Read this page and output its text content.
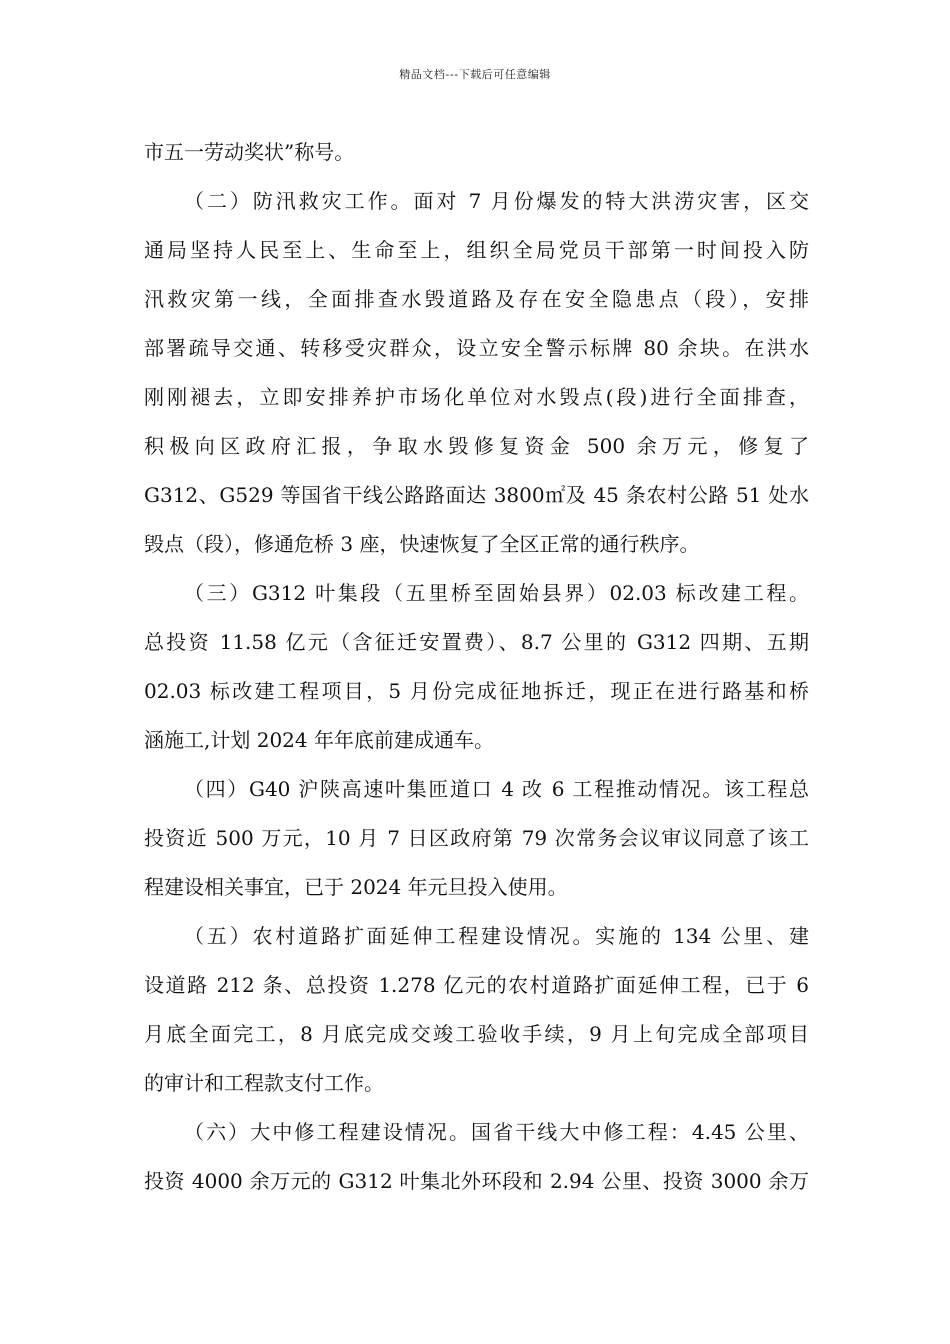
精品文档---下载后可任意编辑
市五一劳动奖状”称号。
（二）防汛救灾工作。面对 7 月份爆发的特大洪涝灾害，区交
通局坚持人民至上、生命至上，组织全局党员干部第一时间投入防
汛救灾第一线，全面排查水毁道路及存在安全隐患点（段），安排
部署疏导交通、转移受灾群众，设立安全警示标牌 80 余块。在洪水
刚刚褪去，立即安排养护市场化单位对水毁点(段)进行全面排查，
积极向区政府汇报，争取水毁修复资金 500 余万元，修复了
G312、G529 等国省干线公路路面达 3800㎡及 45 条农村公路 51 处水
毁点（段），修通危桥 3 座，快速恢复了全区正常的通行秩序。
（三）G312 叶集段（五里桥至固始县界）02.03 标改建工程。
总投资 11.58 亿元（含征迁安置费）、8.7 公里的 G312 四期、五期
02.03 标改建工程项目，5 月份完成征地拆迁，现正在进行路基和桥
涵施工,计划 2024 年年底前建成通车。
（四）G40 沪陕高速叶集匝道口 4 改 6 工程推动情况。该工程总
投资近 500 万元，10 月 7 日区政府第 79 次常务会议审议同意了该工
程建设相关事宜，已于 2024 年元旦投入使用。
（五）农村道路扩面延伸工程建设情况。实施的 134 公里、建
设道路 212 条、总投资 1.278 亿元的农村道路扩面延伸工程，已于 6
月底全面完工，8 月底完成交竣工验收手续，9 月上旬完成全部项目
的审计和工程款支付工作。
（六）大中修工程建设情况。国省干线大中修工程：4.45 公里、
投资 4000 余万元的 G312 叶集北外环段和 2.94 公里、投资 3000 余万
